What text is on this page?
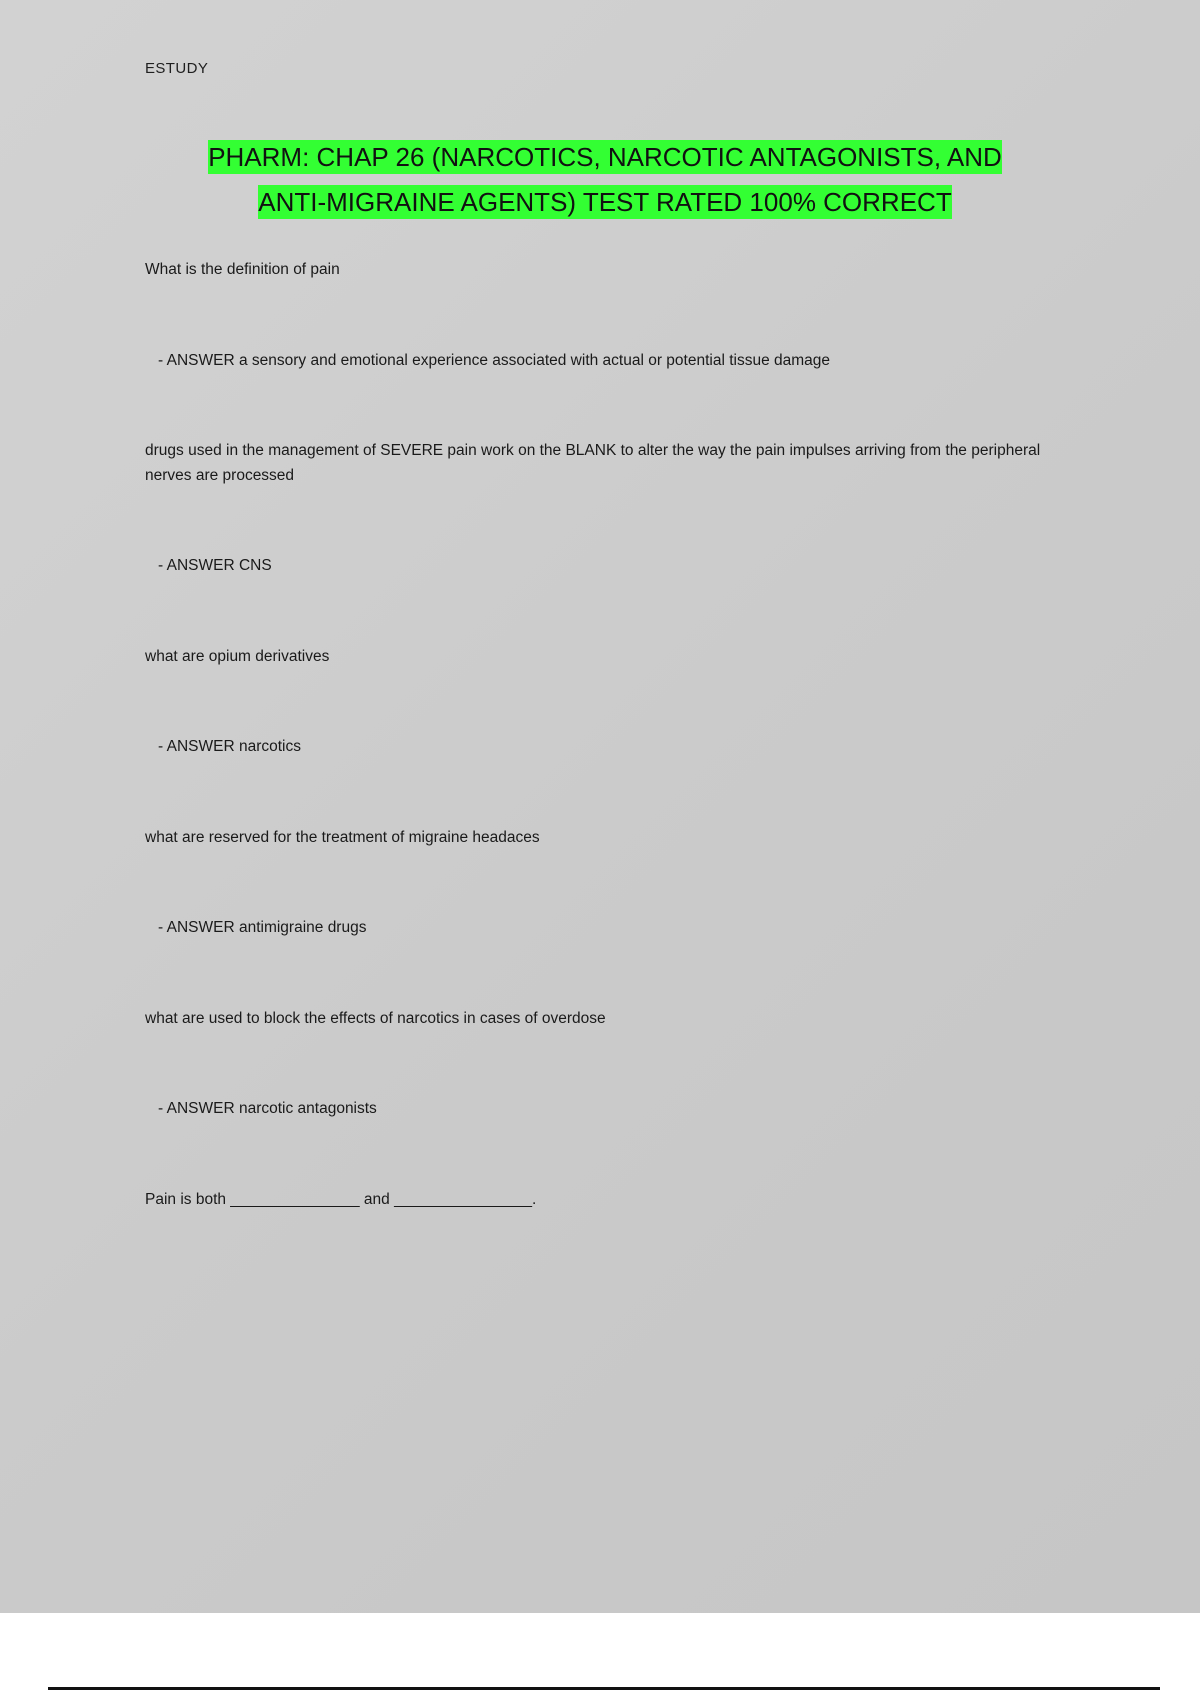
ESTUDY
PHARM: CHAP 26 (NARCOTICS, NARCOTIC ANTAGONISTS, AND
ANTI-MIGRAINE AGENTS) TEST RATED 100% CORRECT

What is the definition of pain

- ANSWER a sensory and emotional experience associated with actual or potential tissue damage

drugs used in the management of SEVERE pain work on the BLANK to alter the way the pain impulses arriving from the peripheral nerves are processed

- ANSWER CNS

what are opium derivatives

- ANSWER narcotics

what are reserved for the treatment of migraine headaces

- ANSWER antimigraine drugs

what are used to block the effects of narcotics in cases of overdose

- ANSWER narcotic antagonists

Pain is both _______________ and ________________.
